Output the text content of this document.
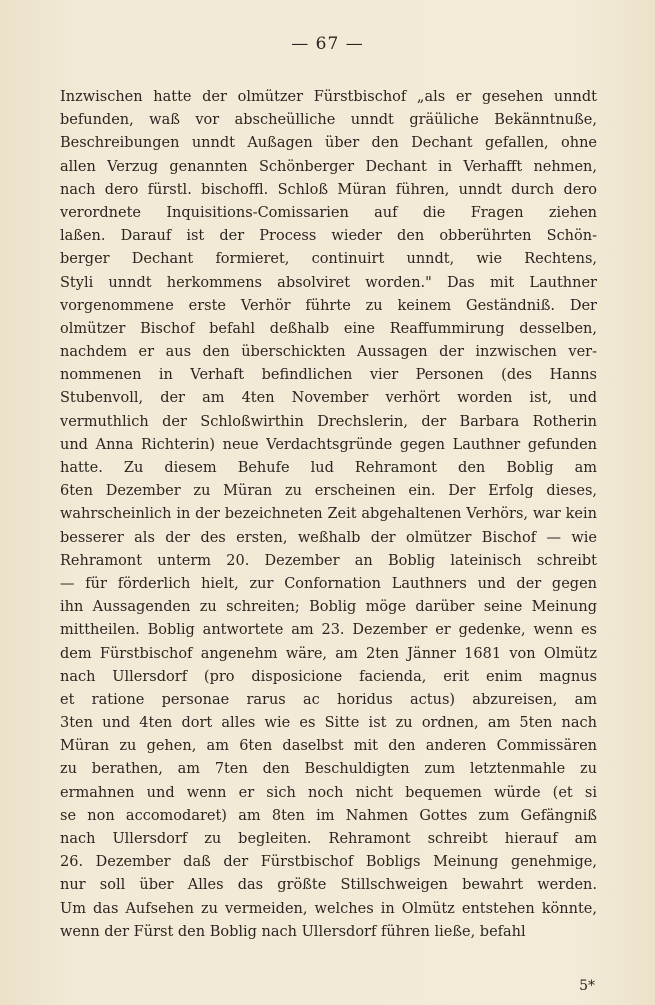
— 67 —
Inzwischen hatte der olmützer Fürstbischof „als er gesehen unndt
befunden, waß vor abscheülliche unndt gräüliche Bekänntnuße,
Beschreibungen unndt Außagen über den Dechant gefallen, ohne
allen Verzug genannten Schönberger Dechant in Verhafft nehmen,
nach dero fürstl. bischoffl. Schloß Müran führen, unndt durch dero
verordnete Inquisitions-Comissarien auf die Fragen ziehen
laßen. Darauf ist der Process wieder den obberührten Schön-
berger Dechant formieret, continuirt unndt, wie Rechtens,
Styli unndt herkommens absolviret worden." Das mit Lauthner
vorgenommene erste Verhör führte zu keinem Geständniß. Der
olmützer Bischof befahl deßhalb eine Reaffummirung desselben,
nachdem er aus den überschickten Aussagen der inzwischen ver-
nommenen in Verhaft befindlichen vier Personen (des Hanns
Stubenvoll, der am 4ten November verhört worden ist, und
vermuthlich der Schloßwirthin Drechslerin, der Barbara Rotherin
und Anna Richterin) neue Verdachtsgründe gegen Lauthner gefunden
hatte. Zu diesem Behufe lud Rehramont den Boblig am
6ten Dezember zu Müran zu erscheinen ein. Der Erfolg dieses,
wahrscheinlich in der bezeichneten Zeit abgehaltenen Verhörs, war kein
besserer als der des ersten, weßhalb der olmützer Bischof — wie
Rehramont unterm 20. Dezember an Boblig lateinisch schreibt
— für förderlich hielt, zur Confornation Lauthners und der gegen
ihn Aussagenden zu schreiten; Boblig möge darüber seine Meinung
mittheilen. Boblig antwortete am 23. Dezember er gedenke, wenn es
dem Fürstbischof angenehm wäre, am 2ten Jänner 1681 von Olmütz
nach Ullersdorf (pro disposicione facienda, erit enim magnus
et ratione personae rarus ac horidus actus) abzureisen, am
3ten und 4ten dort alles wie es Sitte ist zu ordnen, am 5ten nach
Müran zu gehen, am 6ten daselbst mit den anderen Commissären
zu berathen, am 7ten den Beschuldigten zum letztenmahle zu
ermahnen und wenn er sich noch nicht bequemen würde (et si
se non accomodaret) am 8ten im Nahmen Gottes zum Gefängniß
nach Ullersdorf zu begleiten. Rehramont schreibt hierauf am
26. Dezember daß der Fürstbischof Bobligs Meinung genehmige,
nur soll über Alles das größte Stillschweigen bewahrt werden.
Um das Aufsehen zu vermeiden, welches in Olmütz entstehen könnte,
wenn der Fürst den Boblig nach Ullersdorf führen ließe, befahl
5*
